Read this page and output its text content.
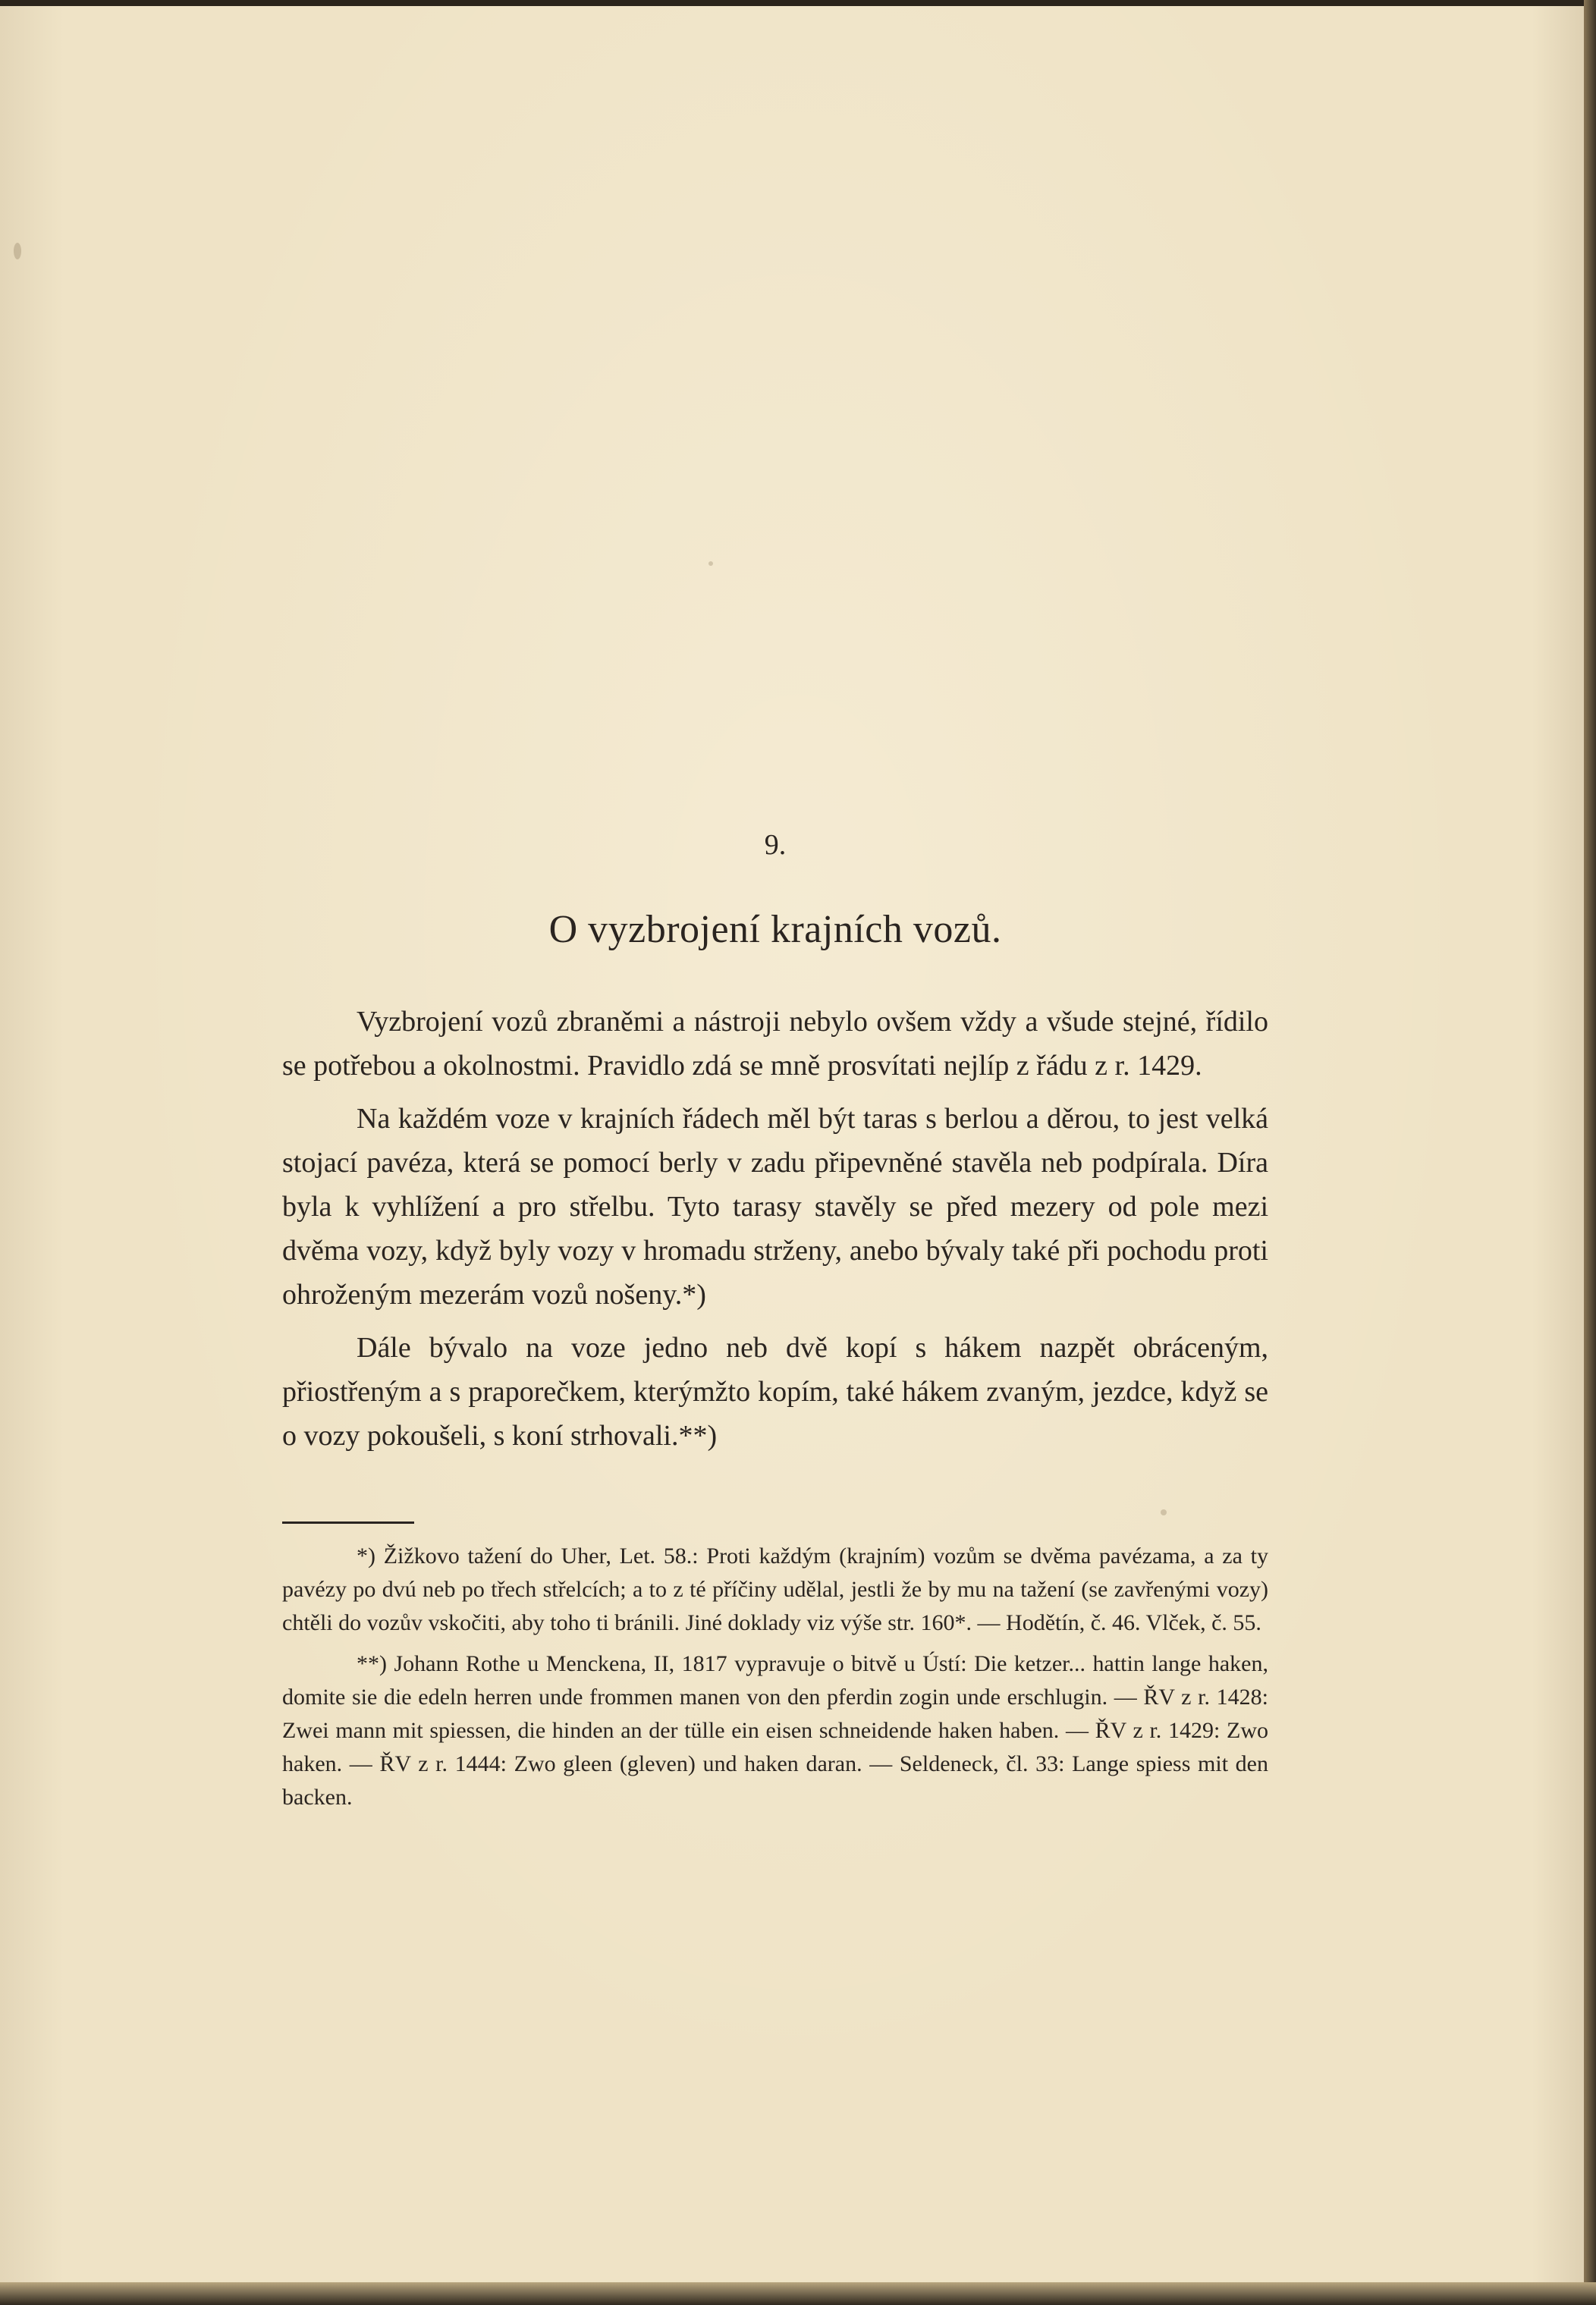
9.
O vyzbrojení krajních vozů.

Vyzbrojení vozů zbraněmi a nástroji nebylo ovšem vždy a všude stejné, řídilo se potřebou a okolnostmi. Pravidlo zdá se mně prosvítati nejlíp z řádu z r. 1429.

Na každém voze v krajních řádech měl být taras s berlou a děrou, to jest velká stojací pavéza, která se pomocí berly v zadu připevněné stavěla neb podpírala. Díra byla k vyhlížení a pro střelbu. Tyto tarasy stavěly se před mezery od pole mezi dvěma vozy, když byly vozy v hromadu strženy, anebo bývaly také při pochodu proti ohroženým mezerám vozů nošeny.*)

Dále bývalo na voze jedno neb dvě kopí s hákem nazpět obráceným, přiostřeným a s praporečkem, kterýmžto kopím, také hákem zvaným, jezdce, když se o vozy pokoušeli, s koní strhovali.**)

*) Žižkovo tažení do Uher, Let. 58.: Proti každým (krajním) vozům se dvěma pavézama, a za ty pavézy po dvú neb po třech střelcích; a to z té příčiny udělal, jestli že by mu na tažení (se zavřenými vozy) chtěli do vozův vskočiti, aby toho ti bránili. Jiné doklady viz výše str. 160*. — Hodětín, č. 46. Vlček, č. 55.

**) Johann Rothe u Menckena, II, 1817 vypravuje o bitvě u Ústí: Die ketzer... hattin lange haken, domite sie die edeln herren unde frommen manen von den pferdin zogin unde erschlugin. — ŘV z r. 1428: Zwei mann mit spiessen, die hinden an der tülle ein eisen schneidende haken haben. — ŘV z r. 1429: Zwo haken. — ŘV z r. 1444: Zwo gleen (gleven) und haken daran. — Seldeneck, čl. 33: Lange spiess mit den backen.
